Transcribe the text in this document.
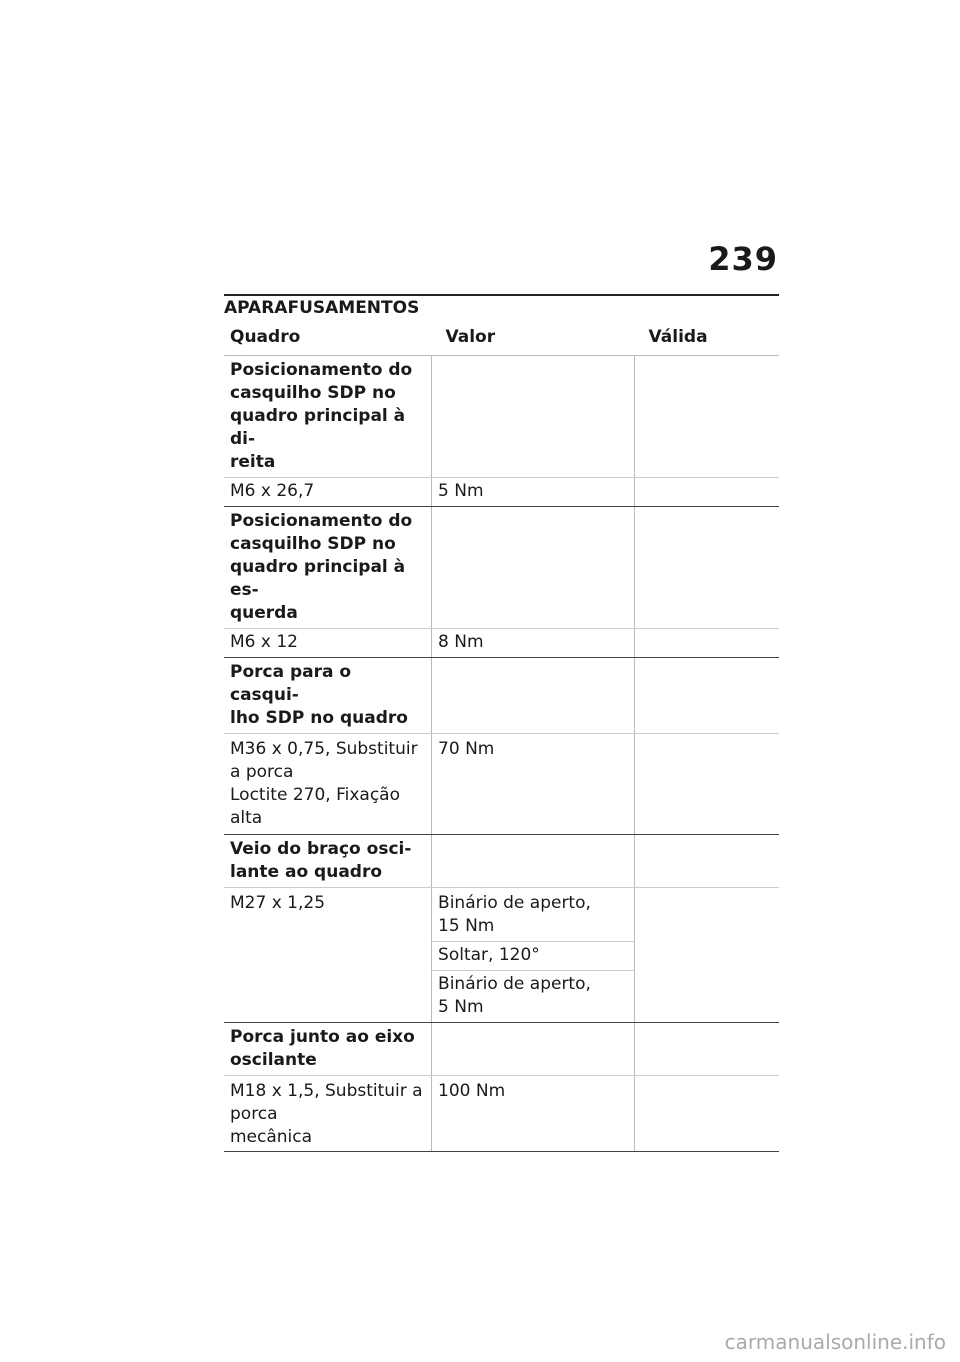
239
APARAFUSAMENTOS
Quadro	Valor	Válida

Posicionamento do
casquilho SDP no
quadro principal à di-
reita		

M6 x 26,7	5 Nm	

Posicionamento do
casquilho SDP no
quadro principal à es-
querda		

M6 x 12	8 Nm	

Porca para o casqui-
lho SDP no quadro		

M36 x 0,75, Substituir
a porca
Loctite 270, Fixação
alta	70 Nm	

Veio do braço osci-
lante ao quadro		

M27 x 1,25	Binário de aperto,
15 Nm	

	Soltar, 120°	

	Binário de aperto,
5 Nm	

Porca junto ao eixo
oscilante		

M18 x 1,5, Substituir a
porca
mecânica	100 Nm	
carmanualsonline.info
